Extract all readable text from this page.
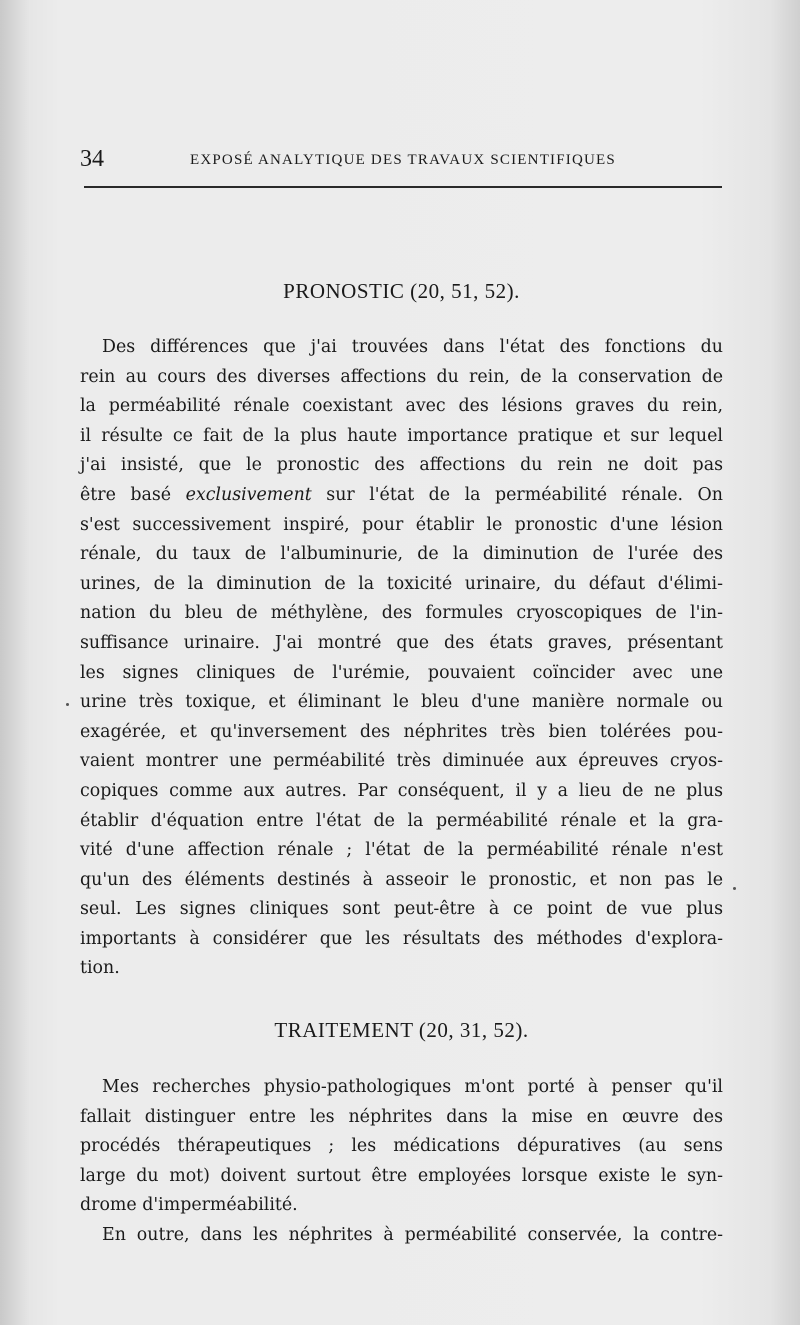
34	EXPOSÉ ANALYTIQUE DES TRAVAUX SCIENTIFIQUES
PRONOSTIC (20, 51, 52).
Des différences que j'ai trouvées dans l'état des fonctions du
rein au cours des diverses affections du rein, de la conservation de
la perméabilité rénale coexistant avec des lésions graves du rein,
il résulte ce fait de la plus haute importance pratique et sur lequel
j'ai insisté, que le pronostic des affections du rein ne doit pas
être basé exclusivement sur l'état de la perméabilité rénale. On
s'est successivement inspiré, pour établir le pronostic d'une lésion
rénale, du taux de l'albuminurie, de la diminution de l'urée des
urines, de la diminution de la toxicité urinaire, du défaut d'élimi-
nation du bleu de méthylène, des formules cryoscopiques de l'in-
suffisance urinaire. J'ai montré que des états graves, présentant
les signes cliniques de l'urémie, pouvaient coïncider avec une
urine très toxique, et éliminant le bleu d'une manière normale ou
exagérée, et qu'inversement des néphrites très bien tolérées pou-
vaient montrer une perméabilité très diminuée aux épreuves cryos-
copiques comme aux autres. Par conséquent, il y a lieu de ne plus
établir d'équation entre l'état de la perméabilité rénale et la gra-
vité d'une affection rénale ; l'état de la perméabilité rénale n'est
qu'un des éléments destinés à asseoir le pronostic, et non pas le
seul. Les signes cliniques sont peut-être à ce point de vue plus
importants à considérer que les résultats des méthodes d'explora-
tion.
TRAITEMENT (20, 31, 52).
Mes recherches physio-pathologiques m'ont porté à penser qu'il
fallait distinguer entre les néphrites dans la mise en œuvre des
procédés thérapeutiques ; les médications dépuratives (au sens
large du mot) doivent surtout être employées lorsque existe le syn-
drome d'imperméabilité.
En outre, dans les néphrites à perméabilité conservée, la contre-
